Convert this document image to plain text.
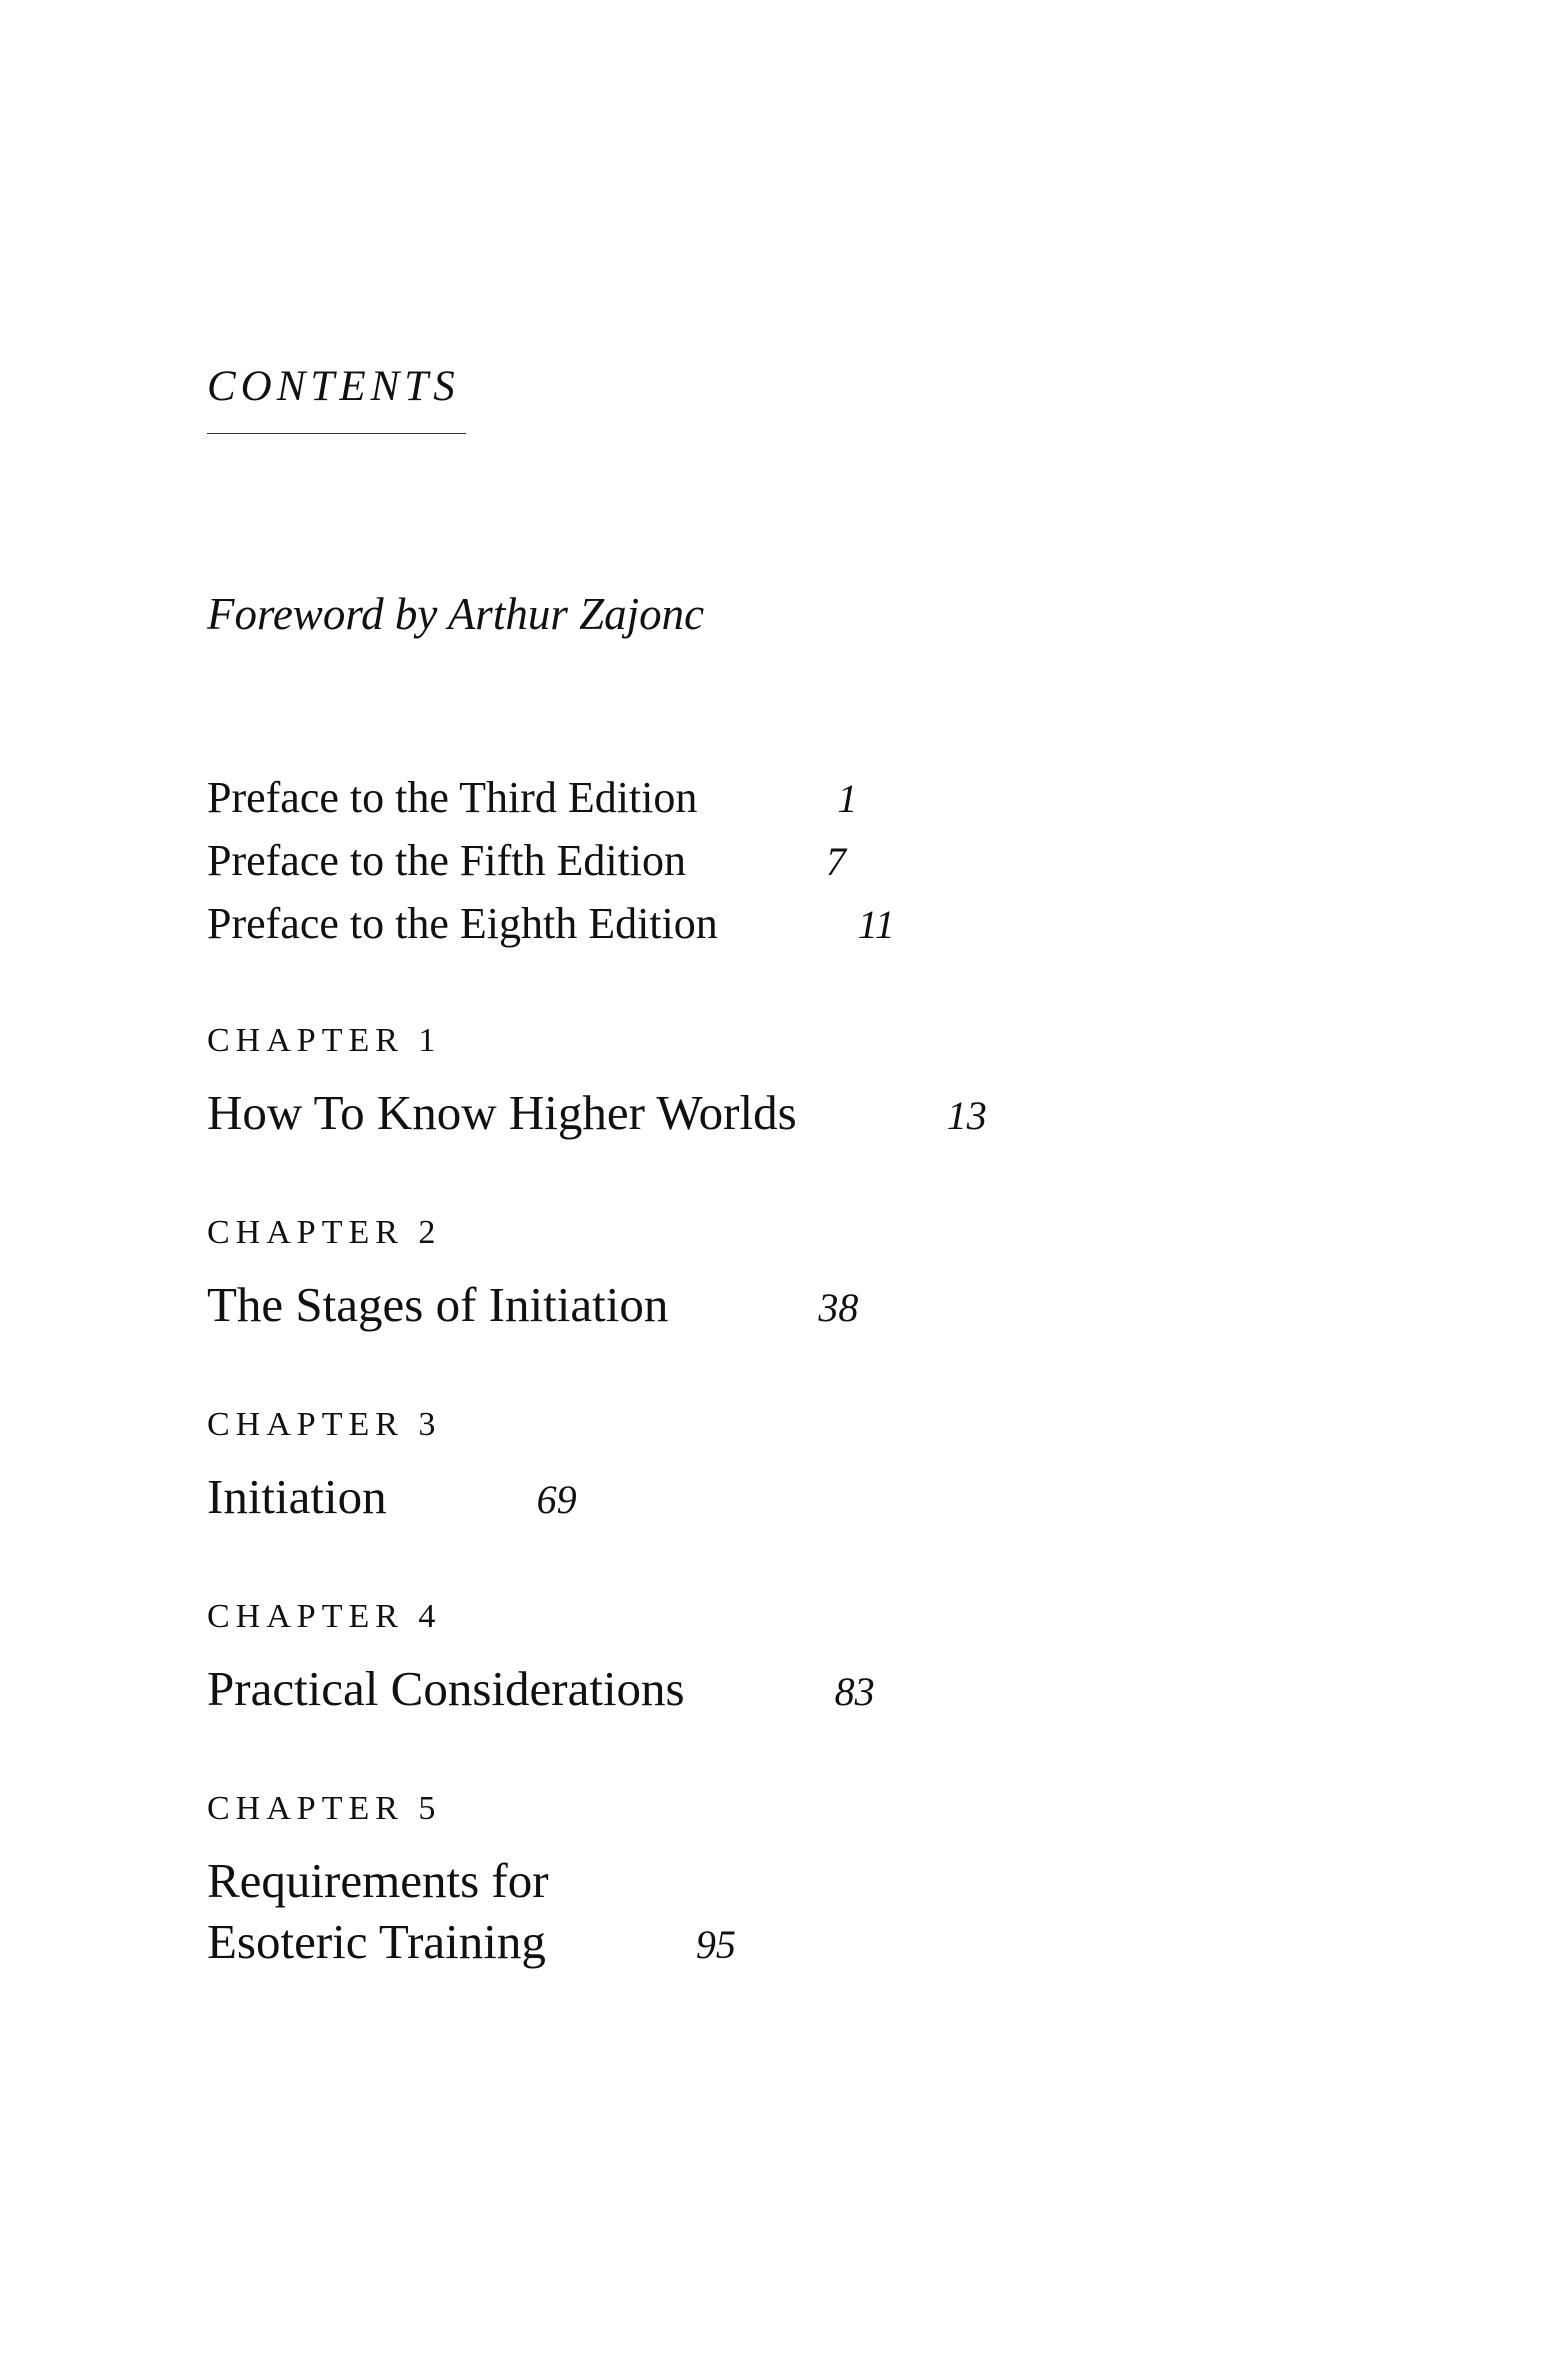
CONTENTS
Foreword by Arthur Zajonc
Preface to the Third Edition	1
Preface to the Fifth Edition	7
Preface to the Eighth Edition	11
CHAPTER 1
How To Know Higher Worlds	13
CHAPTER 2
The Stages of Initiation	38
CHAPTER 3
Initiation	69
CHAPTER 4
Practical Considerations	83
CHAPTER 5
Requirements for
Esoteric Training	95
